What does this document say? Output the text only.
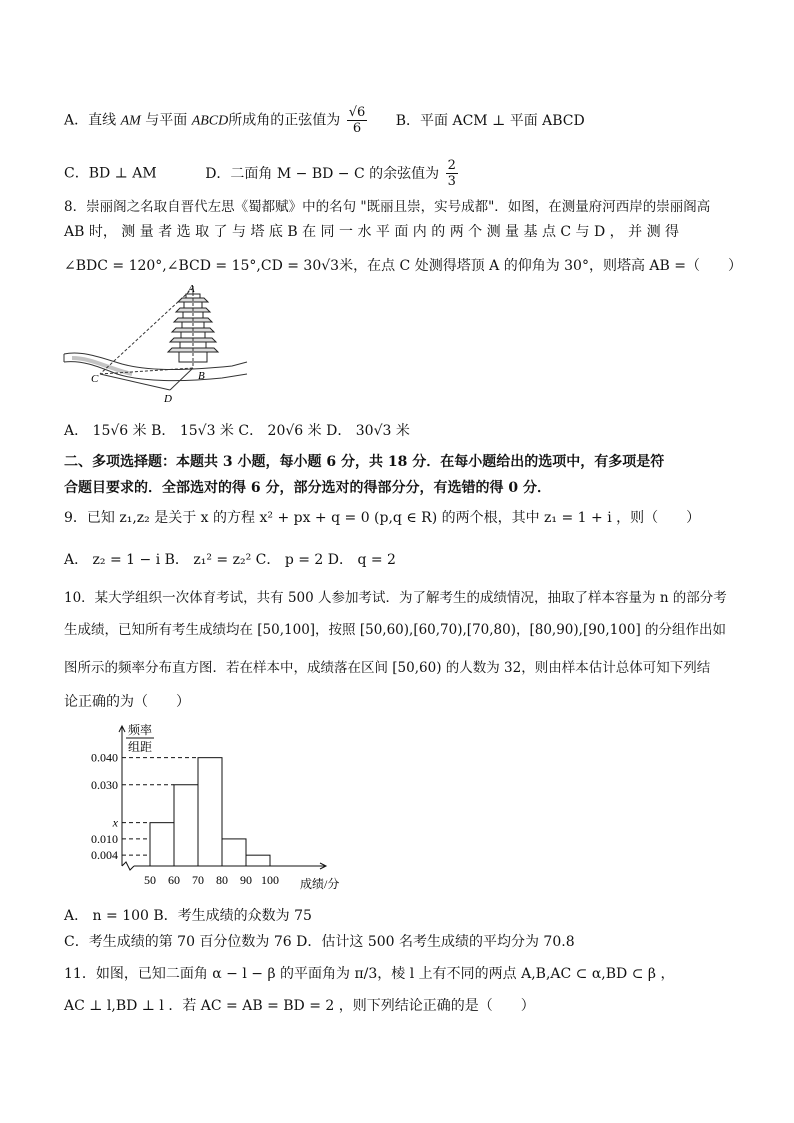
A．直线 AM 与平面 ABCD所成角的正弦值为 $\frac{√6}{6}$ B．平面 ACM ⊥ 平面 ABCD
C．BD ⊥ AM	D．二面角 M − BD − C 的余弦值为 $\frac{2}{3}$
8．崇丽阁之名取自晋代左思《蜀都赋》中的名句 "既丽且崇，实号成都"．如图，在测量府河西岸的崇丽阁高
AB 时， 测 量 者 选 取 了 与 塔 底 B 在 同 一 水 平 面 内 的 两 个 测 量 基 点 C 与 D ， 并 测 得
∠BDC = 120°,∠BCD = 15°,CD = 30√3米，在点 C 处测得塔顶 A 的仰角为 30°，则塔高 AB =（　　）
A
B
C
D
A． 15√6 米 B． 15√3 米 C． 20√6 米 D． 30√3 米
二、多项选择题：本题共 3 小题，每小题 6 分，共 18 分．在每小题给出的选项中，有多项是符
合题目要求的．全部选对的得 6 分，部分选对的得部分分，有选错的得 0 分．
9．已知 z₁,z₂ 是关于 x 的方程 x² + px + q = 0 (p,q ∈ R) 的两个根，其中 z₁ = 1 + i ，则（　　）
A． z₂ = 1 − i B． z₁² = z₂² C． p = 2 D． q = 2
10．某大学组织一次体育考试，共有 500 人参加考试．为了解考生的成绩情况，抽取了样本容量为 n 的部分考
生成绩，已知所有考生成绩均在 [50,100]，按照 [50,60),[60,70),[70,80)，[80,90),[90,100] 的分组作出如
图所示的频率分布直方图．若在样本中，成绩落在区间 [50,60) 的人数为 32，则由样本估计总体可知下列结
论正确的为（　　）
频率
组距
0.040
0.030
x
0.010
0.004
50 60 70 80 90 100 成绩/分
A． n = 100 B．考生成绩的众数为 75
C．考生成绩的第 70 百分位数为 76 D．估计这 500 名考生成绩的平均分为 70.8
11．如图，已知二面角 α − l − β 的平面角为 π/3，棱 l 上有不同的两点 A,B,AC ⊂ α,BD ⊂ β ，
AC ⊥ l,BD ⊥ l ．若 AC = AB = BD = 2 ，则下列结论正确的是（　　）
